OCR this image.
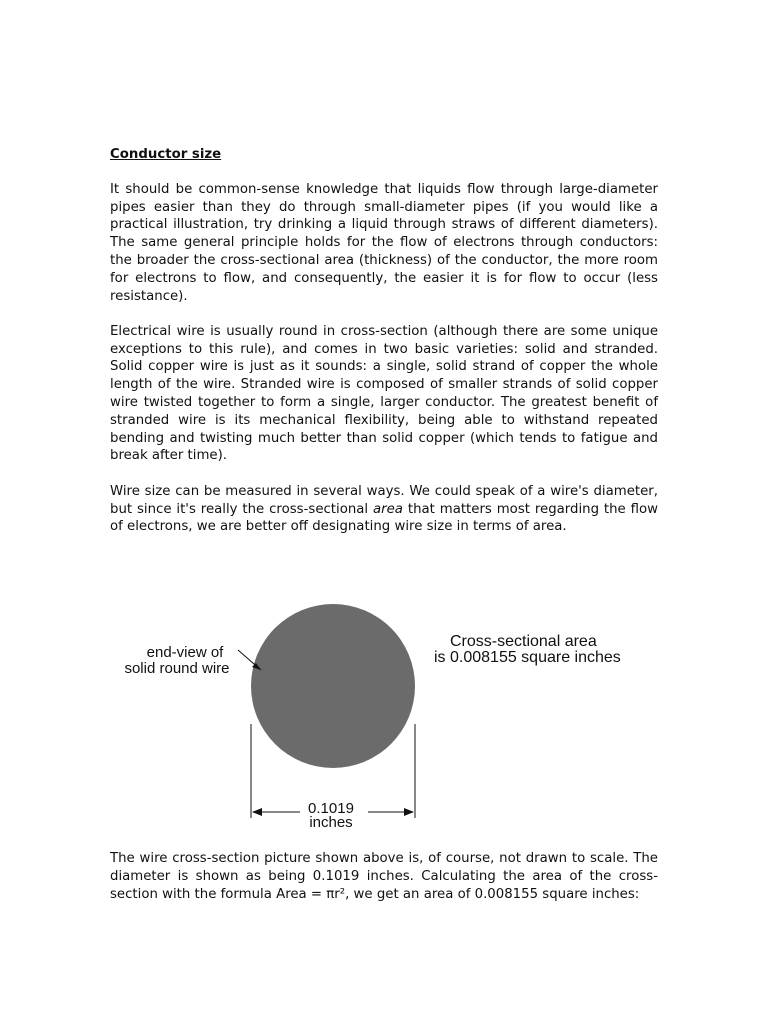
Conductor size

It should be common-sense knowledge that liquids flow through large-diameter pipes easier than they do through small-diameter pipes (if you would like a practical illustration, try drinking a liquid through straws of different diameters). The same general principle holds for the flow of electrons through conductors: the broader the cross-sectional area (thickness) of the conductor, the more room for electrons to flow, and consequently, the easier it is for flow to occur (less resistance).

Electrical wire is usually round in cross-section (although there are some unique exceptions to this rule), and comes in two basic varieties: solid and stranded. Solid copper wire is just as it sounds: a single, solid strand of copper the whole length of the wire. Stranded wire is composed of smaller strands of solid copper wire twisted together to form a single, larger conductor. The greatest benefit of stranded wire is its mechanical flexibility, being able to withstand repeated bending and twisting much better than solid copper (which tends to fatigue and break after time).

Wire size can be measured in several ways. We could speak of a wire's diameter, but since it's really the cross-sectional area that matters most regarding the flow of electrons, we are better off designating wire size in terms of area.

end-view of
solid round wire
Cross-sectional area
is 0.008155 square inches
0.1019
inches

The wire cross-section picture shown above is, of course, not drawn to scale. The diameter is shown as being 0.1019 inches. Calculating the area of the cross-section with the formula Area = πr², we get an area of 0.008155 square inches:
